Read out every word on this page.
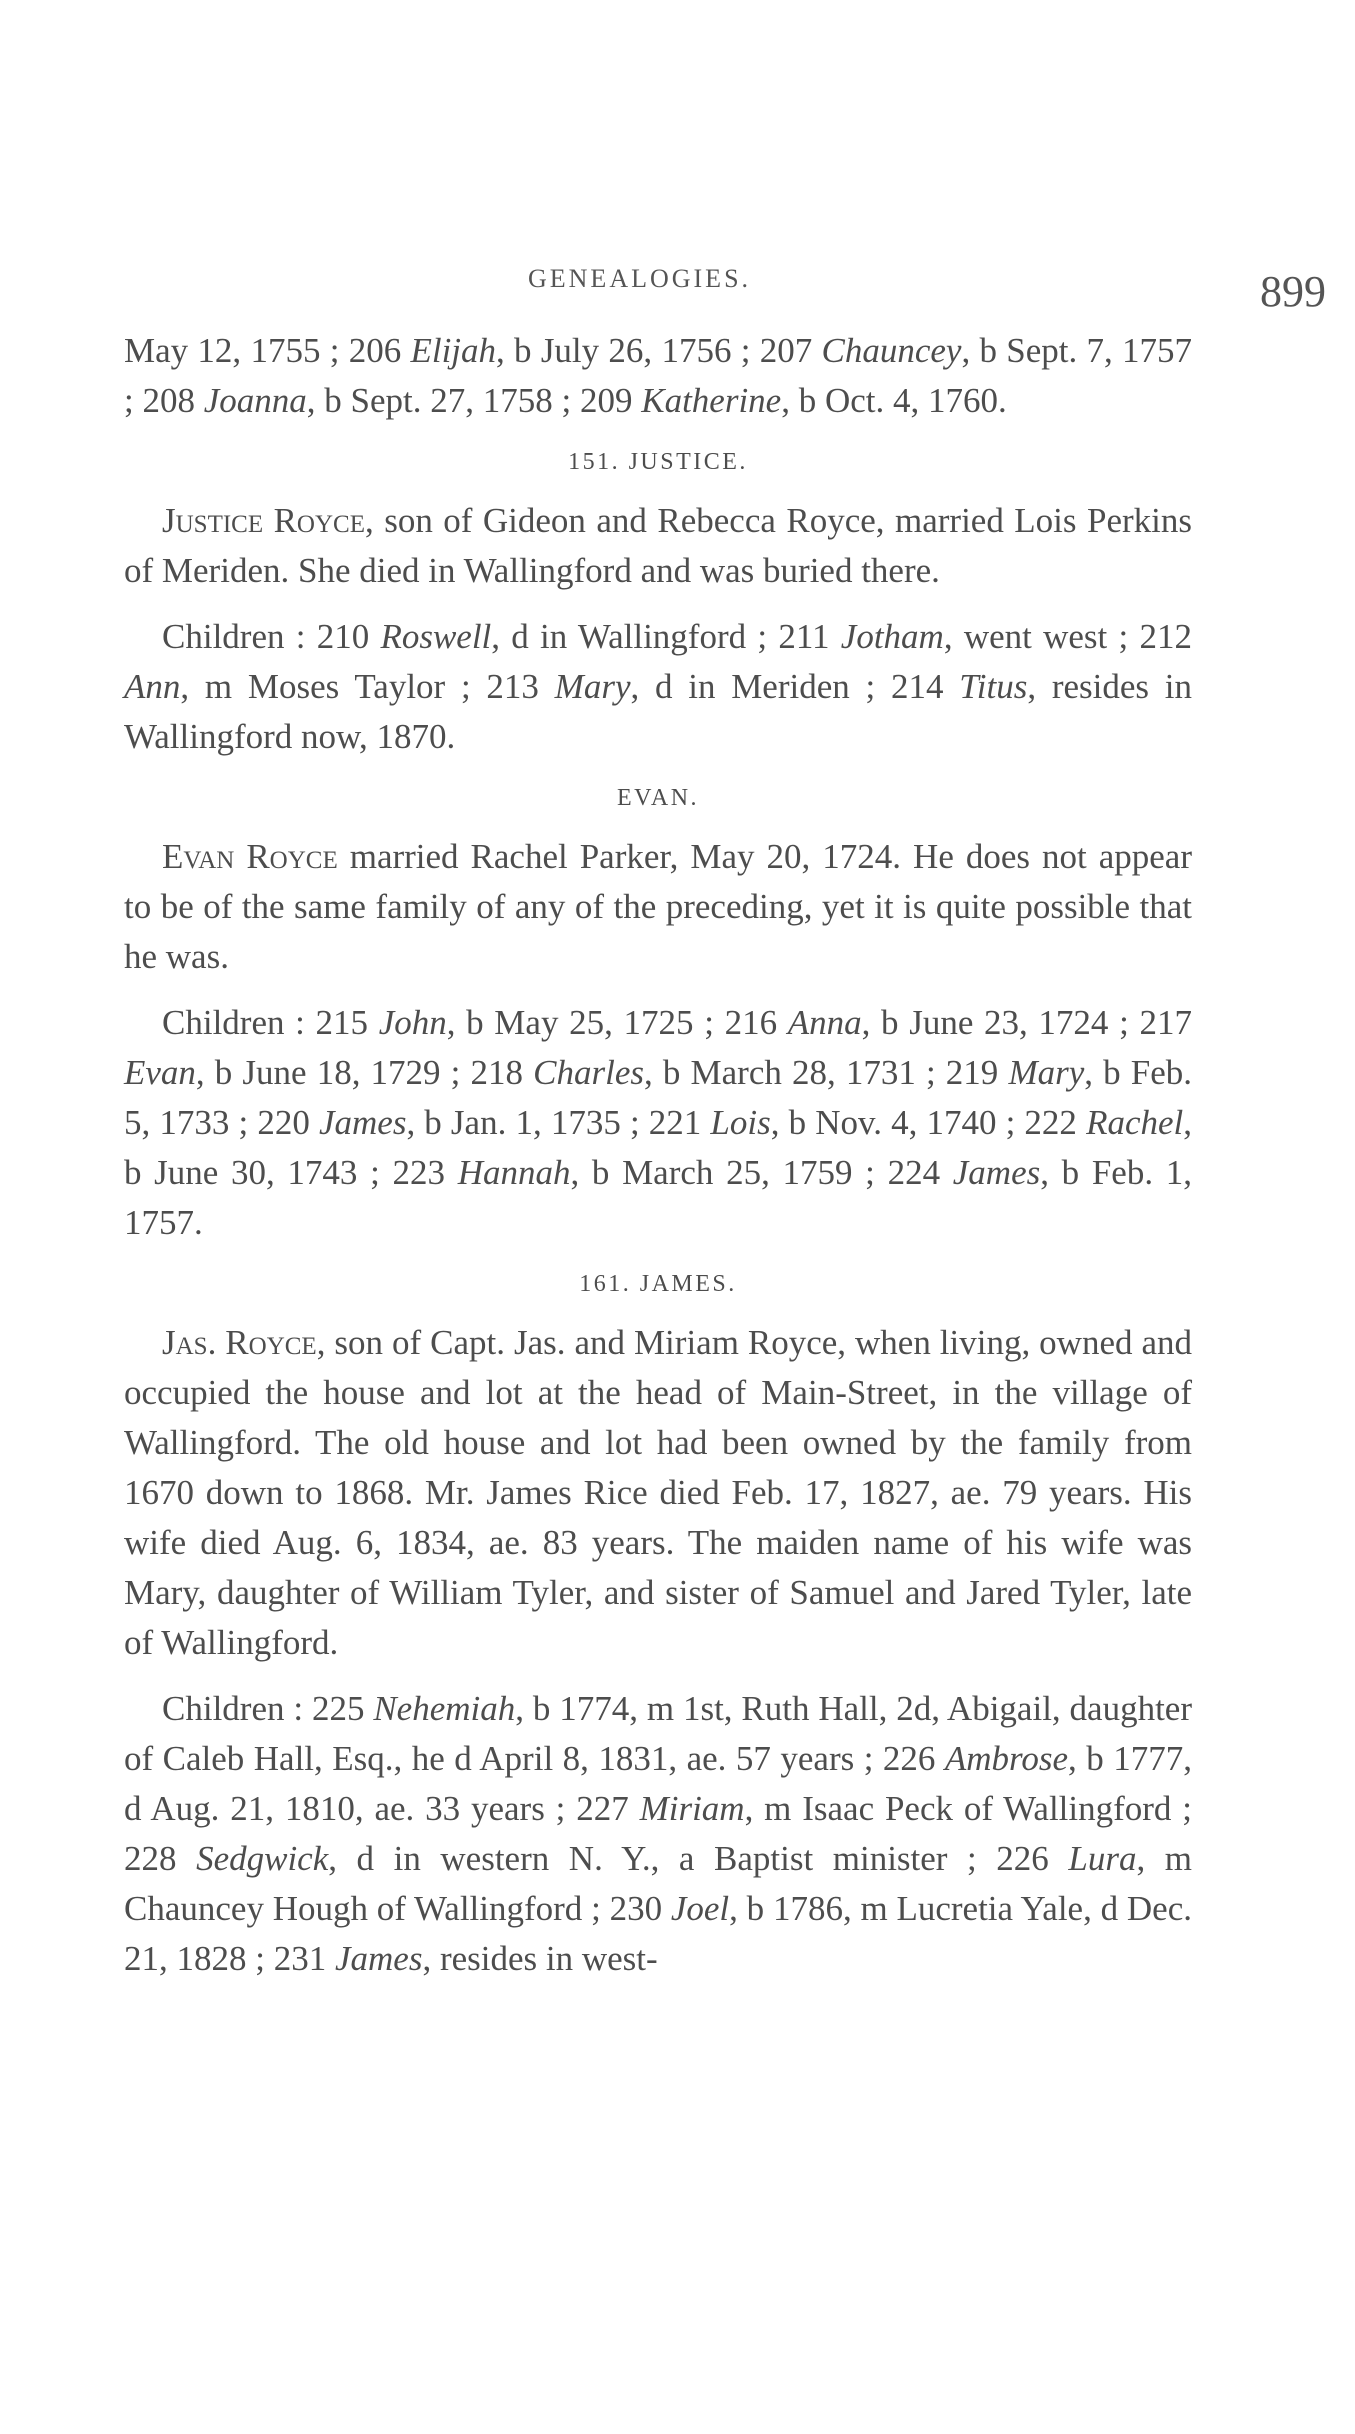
GENEALOGIES.	899

May 12, 1755 ; 206 Elijah, b July 26, 1756 ; 207 Chauncey, b Sept. 7, 1757 ; 208 Joanna, b Sept. 27, 1758 ; 209 Katherine, b Oct. 4, 1760.

151. JUSTICE.

Justice Royce, son of Gideon and Rebecca Royce, married Lois Perkins of Meriden. She died in Wallingford and was buried there.

Children : 210 Roswell, d in Wallingford ; 211 Jotham, went west ; 212 Ann, m Moses Taylor ; 213 Mary, d in Meriden ; 214 Titus, resides in Wallingford now, 1870.

EVAN.

Evan Royce married Rachel Parker, May 20, 1724. He does not appear to be of the same family of any of the preceding, yet it is quite possible that he was.

Children : 215 John, b May 25, 1725 ; 216 Anna, b June 23, 1724 ; 217 Evan, b June 18, 1729 ; 218 Charles, b March 28, 1731 ; 219 Mary, b Feb. 5, 1733 ; 220 James, b Jan. 1, 1735 ; 221 Lois, b Nov. 4, 1740 ; 222 Rachel, b June 30, 1743 ; 223 Hannah, b March 25, 1759 ; 224 James, b Feb. 1, 1757.

161. JAMES.

Jas. Royce, son of Capt. Jas. and Miriam Royce, when living, owned and occupied the house and lot at the head of Main-Street, in the village of Wallingford. The old house and lot had been owned by the family from 1670 down to 1868. Mr. James Rice died Feb. 17, 1827, ae. 79 years. His wife died Aug. 6, 1834, ae. 83 years. The maiden name of his wife was Mary, daughter of William Tyler, and sister of Samuel and Jared Tyler, late of Wallingford.

Children : 225 Nehemiah, b 1774, m 1st, Ruth Hall, 2d, Abigail, daughter of Caleb Hall, Esq., he d April 8, 1831, ae. 57 years ; 226 Ambrose, b 1777, d Aug. 21, 1810, ae. 33 years ; 227 Miriam, m Isaac Peck of Wallingford ; 228 Sedgwick, d in western N. Y., a Baptist minister ; 226 Lura, m Chauncey Hough of Wallingford ; 230 Joel, b 1786, m Lucretia Yale, d Dec. 21, 1828 ; 231 James, resides in west-
